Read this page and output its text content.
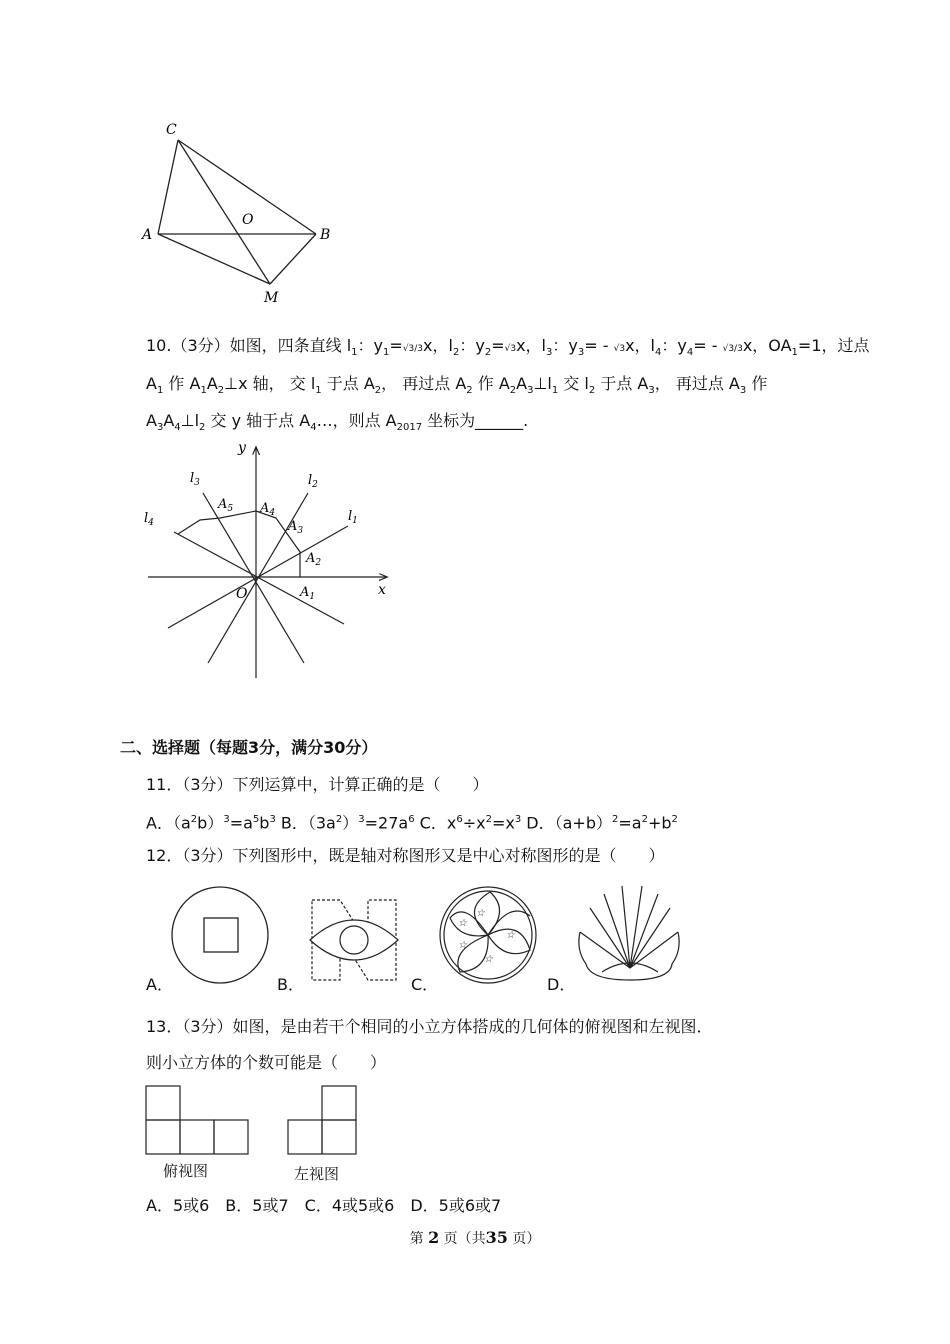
C
A
O
B
M
10.（3分）如图，四条直线 $l_1$：$y_1=√3/3x$，$l_2$：$y_2=√3x$，$l_3$：$y_3= - √3x$，$l_4$：$y_4= - √3/3x$，$OA_1=1$，过点
$A_1$ 作 $A_1A_2\perp x$ 轴， 交 $l_1$ 于点 $A_2$， 再过点 $A_2$ 作 $A_2A_3\perp l_1$ 交 $l_2$ 于点 $A_3$， 再过点 $A_3$ 作
$A_3A_4\perp l_2$ 交 y 轴于点 $A_4\dots$，则点 $A_{2017}$ 坐标为______.
y
x
O
$l_1$
$l_2$
$l_3$
$l_4$
$A_1$
$A_2$
$A_3$
$A_4$
$A_5$
二、选择题（每题3分，满分30分）
11．（3分）下列运算中，计算正确的是（　　）
A．$(a^2b)^3=a^5b^3$ B．$(3a^2)^3=27a^6$ C．$x^6\div x^2=x^3$ D．$(a+b)^2=a^2+b^2$
12．（3分）下列图形中，既是轴对称图形又是中心对称图形的是（　　）
☆
☆
☆
☆
☆
A．	B．	C．	D．
13．（3分）如图，是由若干个相同的小立方体搭成的几何体的俯视图和左视图．
则小立方体的个数可能是（　　）
俯视图	左视图
A．5或6　B．5或7　C．4或5或6　D．5或6或7
第 2 页（共35 页）
